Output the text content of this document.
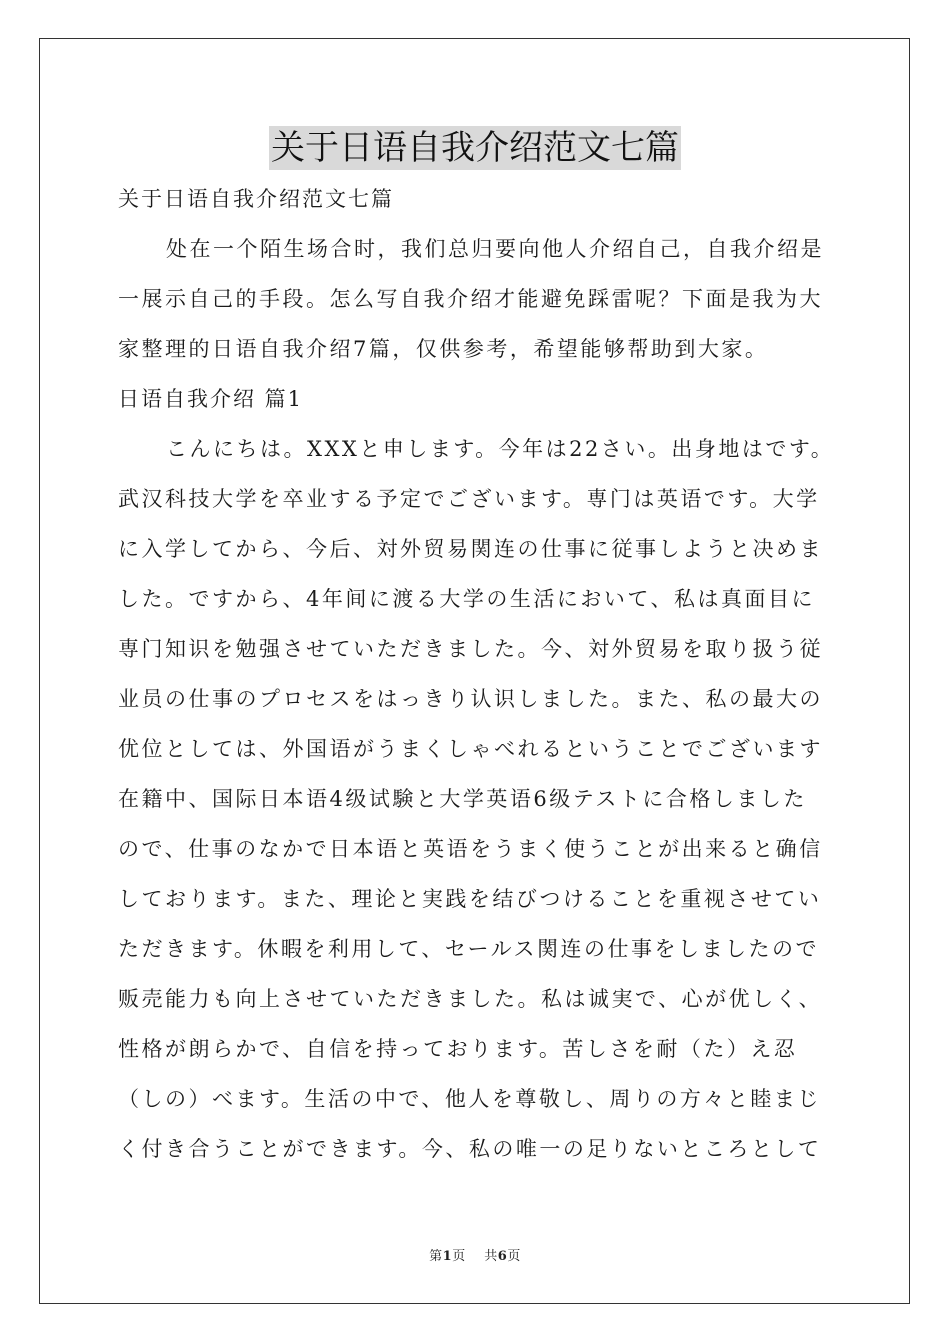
关于日语自我介绍范文七篇
关于日语自我介绍范文七篇
处在一个陌生场合时，我们总归要向他人介绍自己，自我介绍是
一展示自己的手段。怎么写自我介绍才能避免踩雷呢？下面是我为大
家整理的日语自我介绍7篇，仅供参考，希望能够帮助到大家。
日语自我介绍 篇1
こんにちは。XXXと申します。今年は22さい。出身地はです。
武汉科技大学を卒业する予定でございます。専门は英语です。大学
に入学してから、今后、対外贸易関连の仕事に従事しようと决めま
した。ですから、4年间に渡る大学の生活において、私は真面目に
専门知识を勉强させていただきました。今、対外贸易を取り扱う従
业员の仕事のプロセスをはっきり认识しました。また、私の最大の
优位としては、外国语がうまくしゃべれるということでございます
在籍中、国际日本语4级试験と大学英语6级テストに合格しました
ので、仕事のなかで日本语と英语をうまく使うことが出来ると确信
しております。また、理论と実践を结びつけることを重视させてい
ただきます。休暇を利用して、セールス関连の仕事をしましたので
贩売能力も向上させていただきました。私は诚実で、心が优しく、
性格が朗らかで、自信を持っております。苦しさを耐（た）え忍
（しの）べます。生活の中で、他人を尊敬し、周りの方々と睦まじ
く付き合うことができます。今、私の唯一の足りないところとして
第1页 共6页
